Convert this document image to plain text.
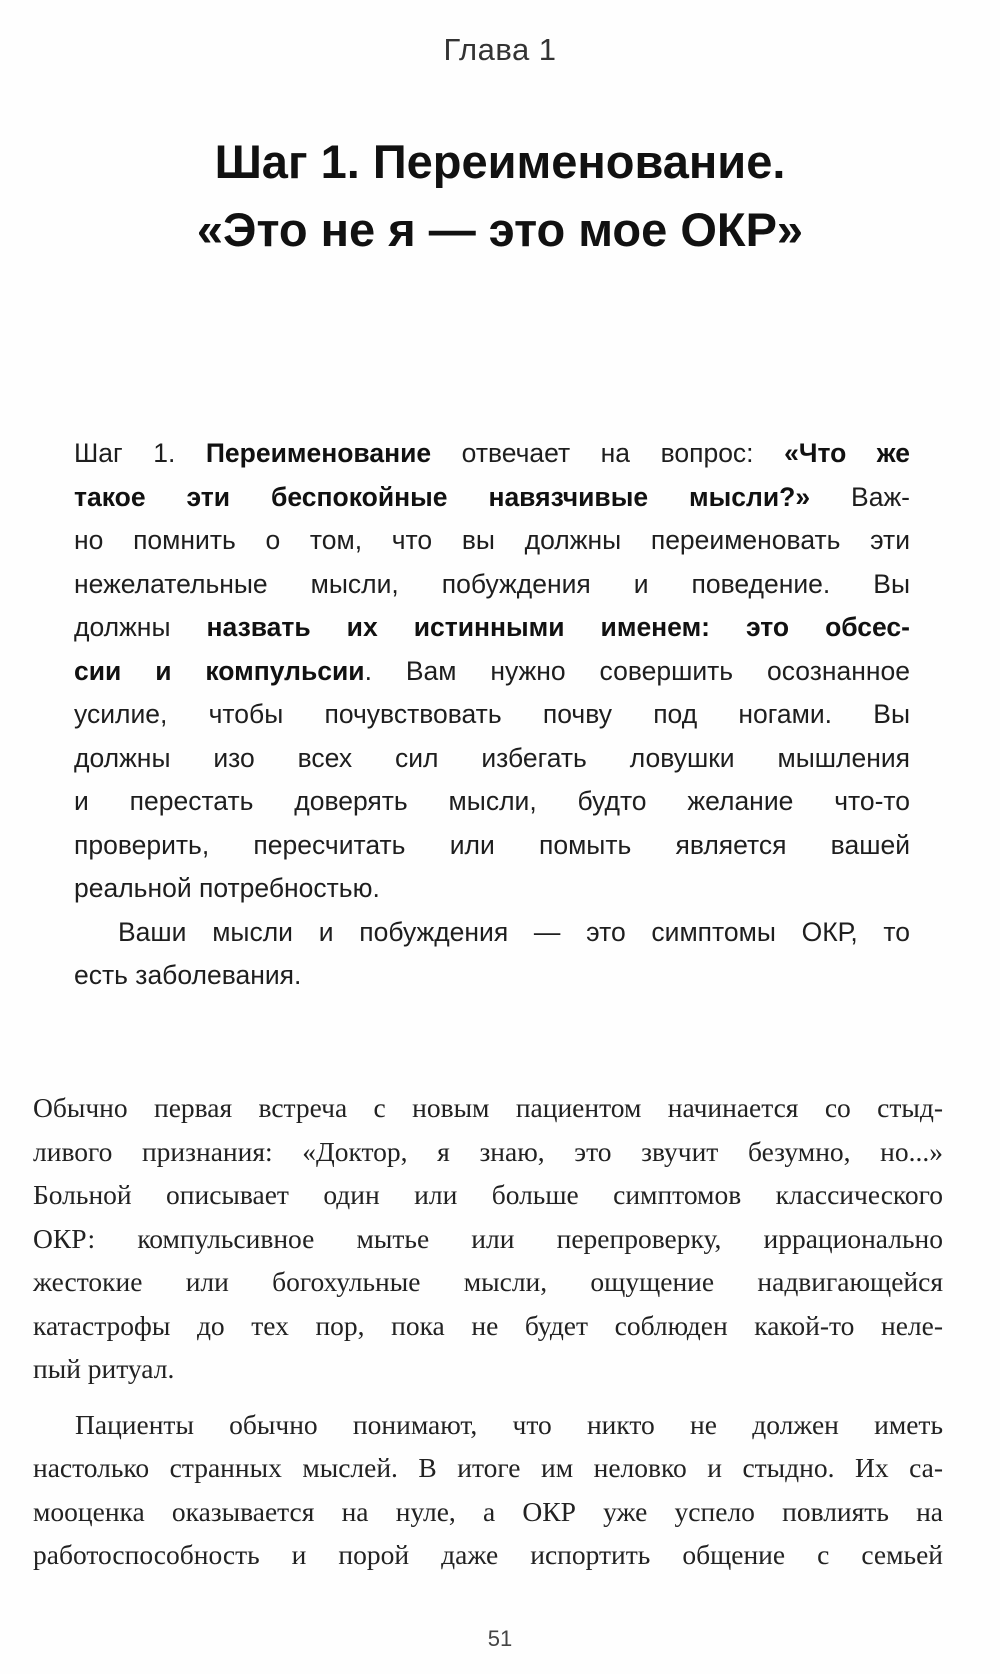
Глава 1
Шаг 1. Переименование.
«Это не я — это мое ОКР»
Шаг 1. Переименование отвечает на вопрос: «Что же
такое эти беспокойные навязчивые мысли?» Важ-
но помнить о том, что вы должны переименовать эти
нежелательные мысли, побуждения и поведение. Вы
должны назвать их истинными именем: это обсес-
сии и компульсии. Вам нужно совершить осознанное
усилие, чтобы почувствовать почву под ногами. Вы
должны изо всех сил избегать ловушки мышления
и перестать доверять мысли, будто желание что-то
проверить, пересчитать или помыть является вашей
реальной потребностью.
Ваши мысли и побуждения — это симптомы ОКР, то
есть заболевания.
Обычно первая встреча с новым пациентом начинается со стыд-
ливого признания: «Доктор, я знаю, это звучит безумно, но...»
Больной описывает один или больше симптомов классического
ОКР: компульсивное мытье или перепроверку, иррационально
жестокие или богохульные мысли, ощущение надвигающейся
катастрофы до тех пор, пока не будет соблюден какой-то неле-
пый ритуал.
Пациенты обычно понимают, что никто не должен иметь
настолько странных мыслей. В итоге им неловко и стыдно. Их са-
мооценка оказывается на нуле, а ОКР уже успело повлиять на
работоспособность и порой даже испортить общение с семьей
51
